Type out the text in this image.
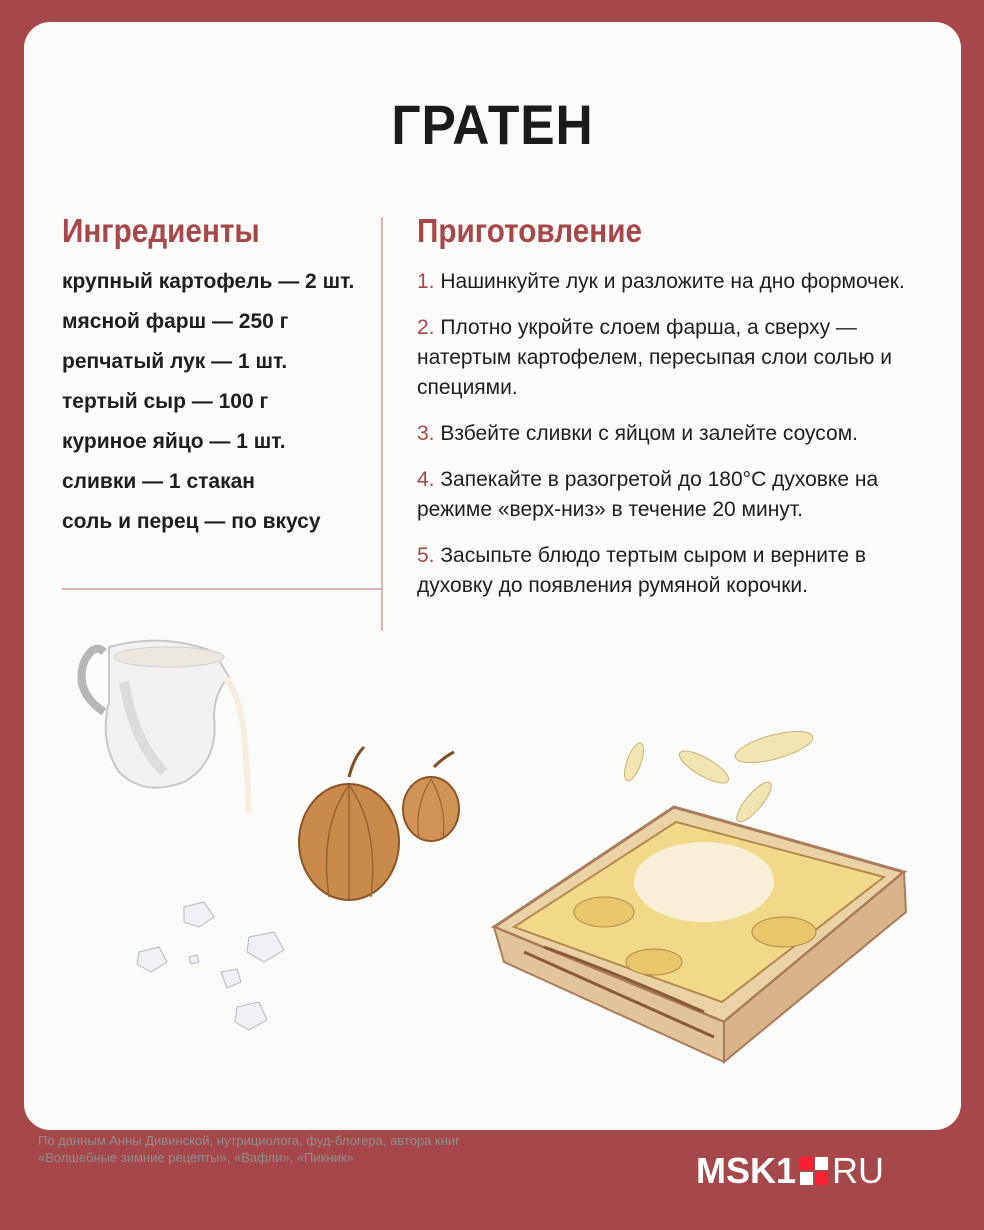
ГРАТЕН
Ингредиенты	Приготовление
крупный картофель — 2 шт.
мясной фарш — 250 г
репчатый лук — 1 шт.
тертый сыр — 100 г
куриное яйцо — 1 шт.
сливки — 1 стакан
соль и перец — по вкусу
1. Нашинкуйте лук и разложите на дно формочек.
2. Плотно укройте слоем фарша, а сверху — натертым картофелем, пересыпая слои солью и специями.
3. Взбейте сливки с яйцом и залейте соусом.
4. Запекайте в разогретой до 180°С духовке на режиме «верх-низ» в течение 20 минут.
5. Засыпьте блюдо тертым сыром и верните в духовку до появления румяной корочки.
По данным Анны Дивинской, нутрициолога, фуд-блогера, автора книг «Волшебные зимние рецепты», «Вафли», «Пикник»	MSK1 RU
